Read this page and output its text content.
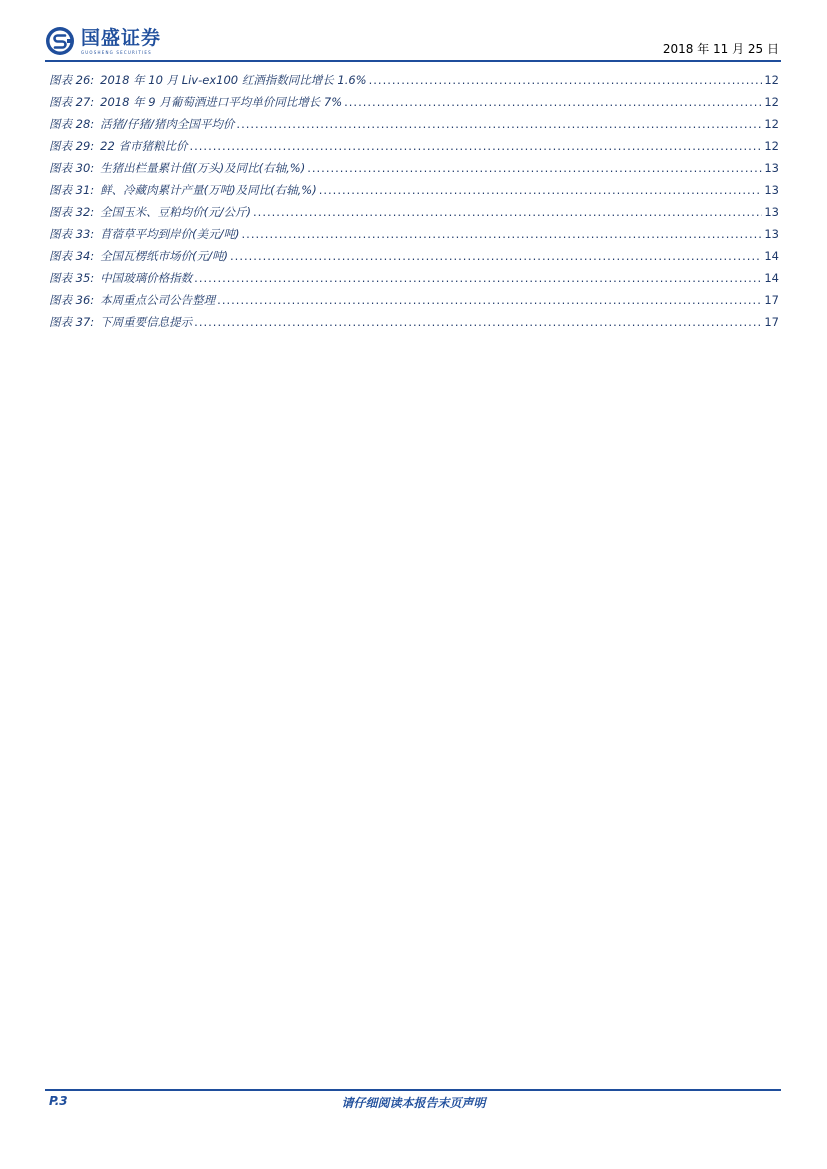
国盛证券
GUOSHENG SECURITIES	2018 年 11 月 25 日
图表 26: 2018 年 10 月 Liv-ex100 红酒指数同比增长 1.6% .....	12
图表 27: 2018 年 9 月葡萄酒进口平均单价同比增长 7% .....	12
图表 28: 活猪/仔猪/猪肉全国平均价 .....	12
图表 29: 22 省市猪粮比价 .....	12
图表 30: 生猪出栏量累计值(万头)及同比(右轴,%) .....	13
图表 31: 鲜、冷藏肉累计产量(万吨)及同比(右轴,%) .....	13
图表 32: 全国玉米、豆粕均价(元/公斤) .....	13
图表 33: 苜蓿草平均到岸价(美元/吨) .....	13
图表 34: 全国瓦楞纸市场价(元/吨) .....	14
图表 35: 中国玻璃价格指数 .....	14
图表 36: 本周重点公司公告整理 .....	17
图表 37: 下周重要信息提示 .....	17
P.3	请仔细阅读本报告末页声明
